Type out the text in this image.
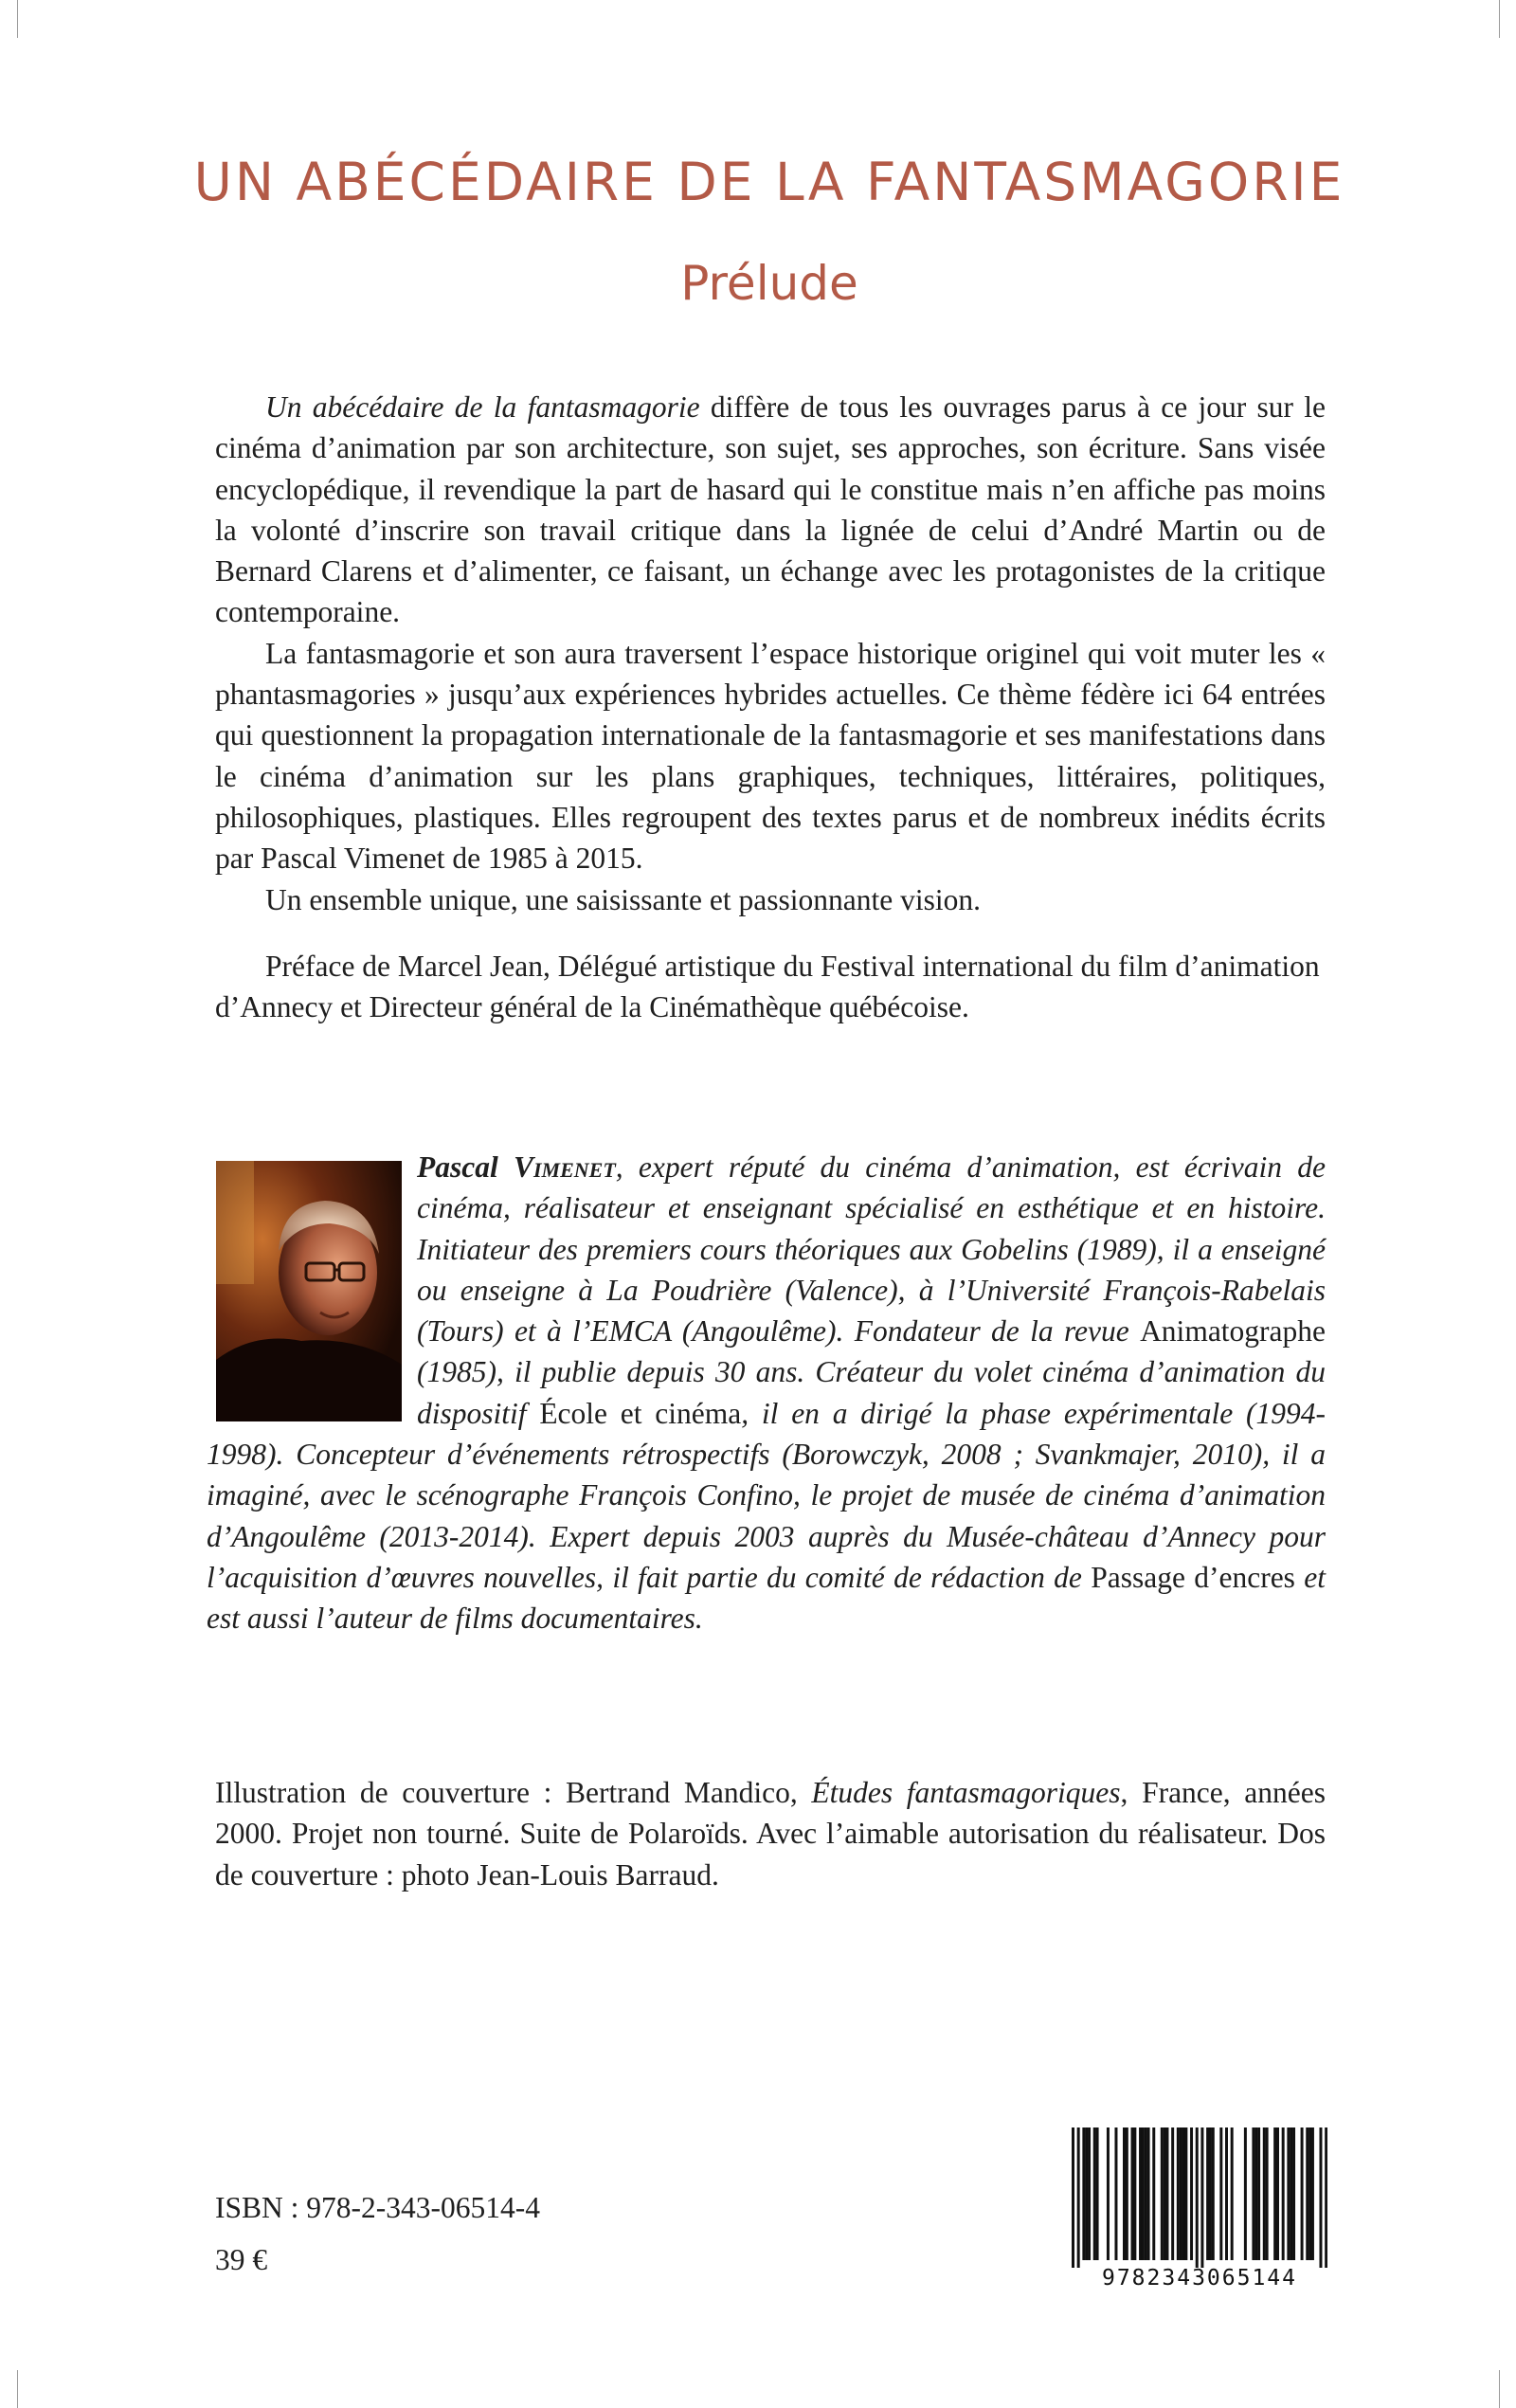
UN ABÉCÉDAIRE DE LA FANTASMAGORIE
Prélude

Un abécédaire de la fantasmagorie diffère de tous les ouvrages parus à ce jour sur le cinéma d’animation par son architecture, son sujet, ses approches, son écriture. Sans visée encyclopédique, il revendique la part de hasard qui le constitue mais n’en affiche pas moins la volonté d’inscrire son travail critique dans la lignée de celui d’André Martin ou de Bernard Clarens et d’alimenter, ce faisant, un échange avec les protagonistes de la critique contemporaine.

La fantasmagorie et son aura traversent l’espace historique originel qui voit muter les « phantasmagories » jusqu’aux expériences hybrides actuelles. Ce thème fédère ici 64 entrées qui questionnent la propagation internationale de la fantasmagorie et ses manifestations dans le cinéma d’animation sur les plans graphiques, techniques, littéraires, politiques, philosophiques, plastiques. Elles regroupent des textes parus et de nombreux inédits écrits par Pascal Vimenet de 1985 à 2015.

Un ensemble unique, une saisissante et passionnante vision.

Préface de Marcel Jean, Délégué artistique du Festival international du film d’animation d’Annecy et Directeur général de la Cinémathèque québécoise.

Pascal Vimenet, expert réputé du cinéma d’animation, est écrivain de cinéma, réalisateur et enseignant spécialisé en esthétique et en histoire. Initiateur des premiers cours théoriques aux Gobelins (1989), il a enseigné ou enseigne à La Poudrière (Valence), à l’Université François-Rabelais (Tours) et à l’EMCA (Angoulême). Fondateur de la revue Animatographe (1985), il publie depuis 30 ans. Créateur du volet cinéma d’animation du dispositif École et cinéma, il en a dirigé la phase expérimentale (1994-1998). Concepteur d’événements rétrospectifs (Borowczyk, 2008 ; Svankmajer, 2010), il a imaginé, avec le scénographe François Confino, le projet de musée de cinéma d’animation d’Angoulême (2013-2014). Expert depuis 2003 auprès du Musée-château d’Annecy pour l’acquisition d’œuvres nouvelles, il fait partie du comité de rédaction de Passage d’encres et est aussi l’auteur de films documentaires.

Illustration de couverture : Bertrand Mandico, Études fantasmagoriques, France, années 2000. Projet non tourné. Suite de Polaroïds. Avec l’aimable autorisation du réalisateur. Dos de couverture : photo Jean-Louis Barraud.

ISBN : 978-2-343-06514-4

39 €

9782343065144
